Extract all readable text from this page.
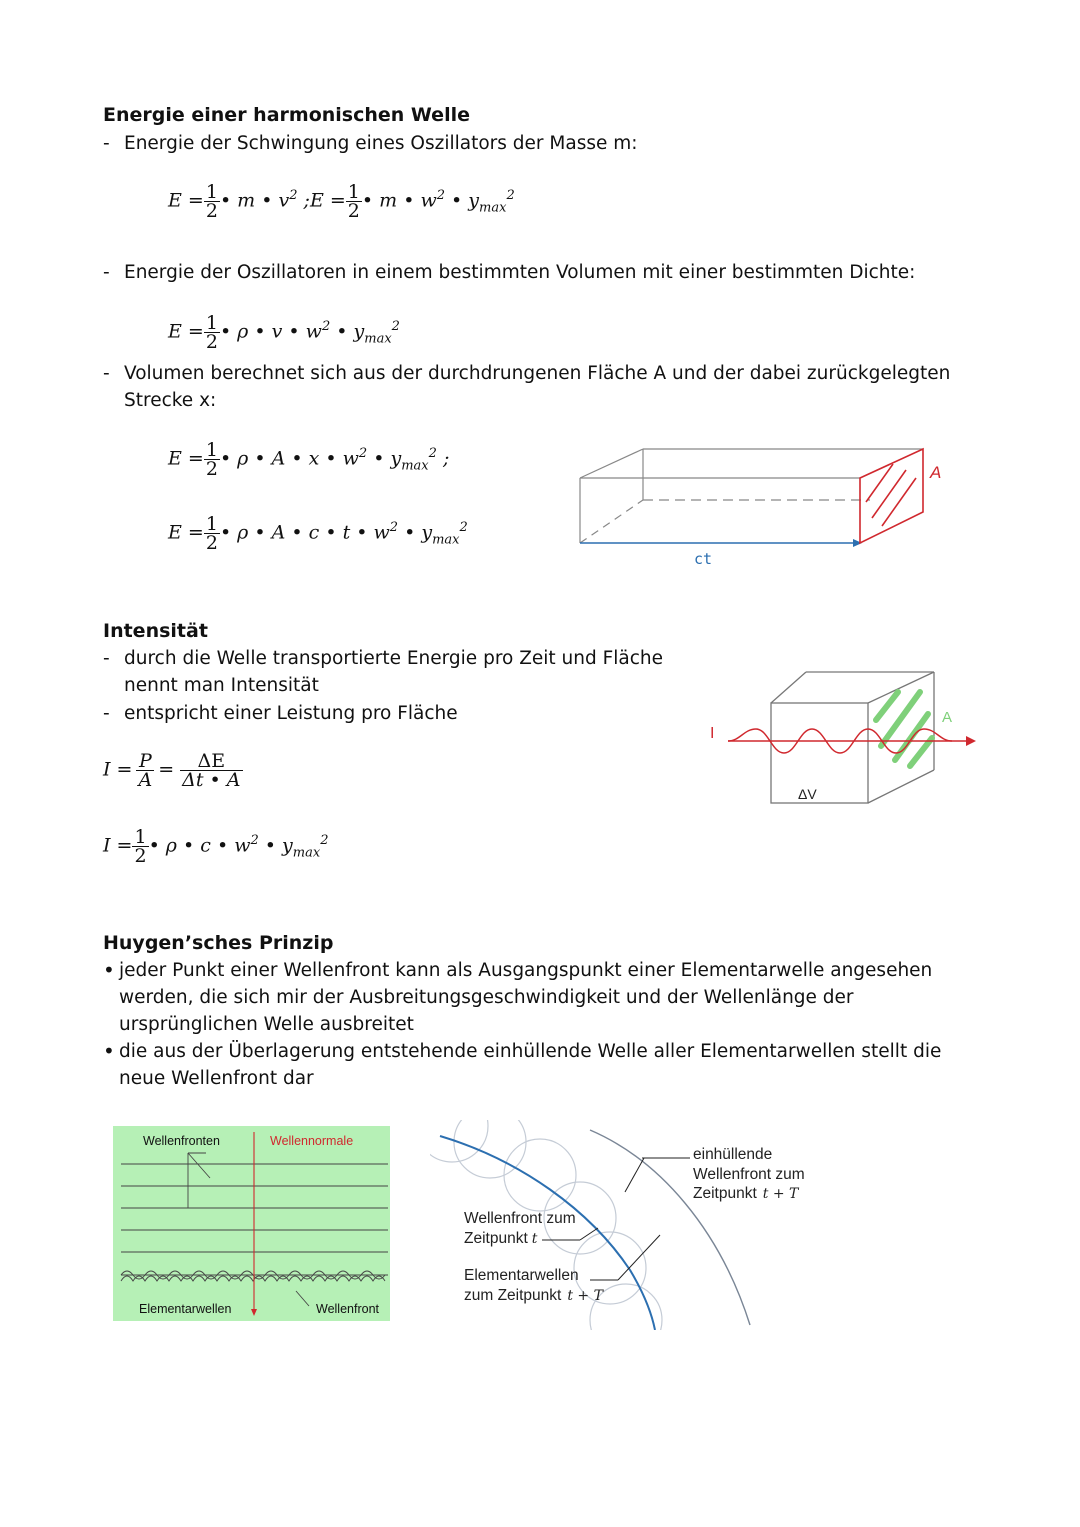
Energie einer harmonischen Welle
- Energie der Schwingung eines Oszillators der Masse m:
$E = \frac{1}{2}$ • m • $v^2$ ;E = $\frac{1}{2}$ • m • $w^2$ • $y_{max}^2$
- Energie der Oszillatoren in einem bestimmten Volumen mit einer bestimmten Dichte:
$E = \frac{1}{2}$ • ρ • v • $w^2$ • $y_{max}^2$
- Volumen berechnet sich aus der durchdrungenen Fläche A und der dabei zurückgelegten
Strecke x:
$E = \frac{1}{2}$ • ρ • A • x • $w^2$ • $y_{max}^2$ ;
$E = \frac{1}{2}$ • ρ • A • c • t • $w^2$ • $y_{max}^2$
A
ct
Intensität
- durch die Welle transportierte Energie pro Zeit und Fläche
nennt man Intensität
- entspricht einer Leistung pro Fläche
$I = \frac{P}{A} = \frac{\Delta E}{\Delta t • A}$
$I = \frac{1}{2}$ • ρ • c • $w^2$ • $y_{max}^2$
I
A
ΔV
Huygen’sches Prinzip
• jeder Punkt einer Wellenfront kann als Ausgangspunkt einer Elementarwelle angesehen
werden, die sich mir der Ausbreitungsgeschwindigkeit und der Wellenlänge der
ursprünglichen Welle ausbreitet
• die aus der Überlagerung entstehende einhüllende Welle aller Elementarwellen stellt die
neue Wellenfront dar
Wellenfronten	Wellennormale
Elementarwellen	Wellenfront
einhüllende
Wellenfront zum
Zeitpunkt t + T
Wellenfront zum
Zeitpunkt t
Elementarwellen
zum Zeitpunkt t + T
